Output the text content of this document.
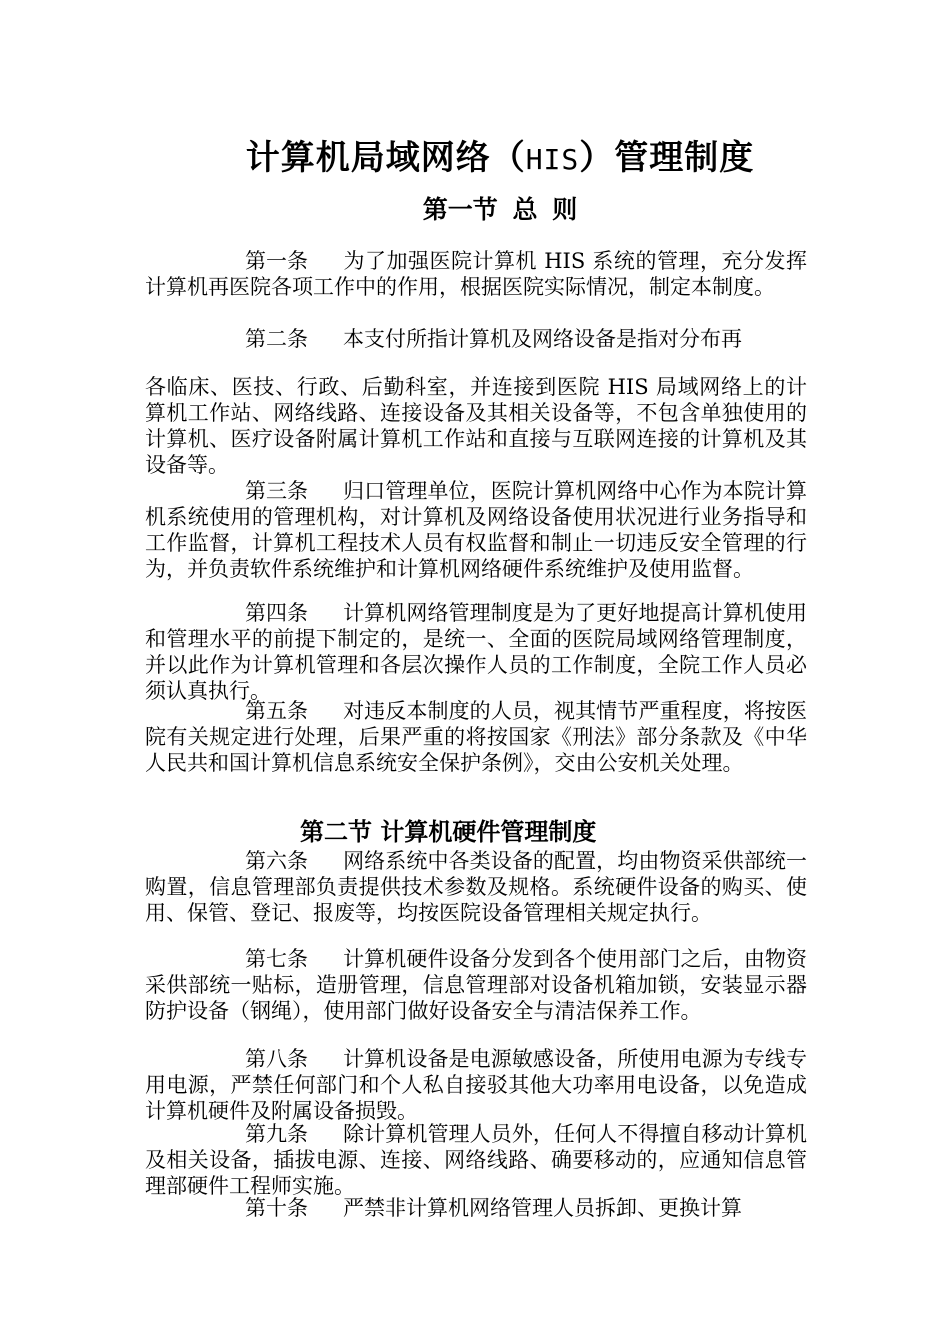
计算机局域网络（HIS）管理制度
第一节 总 则

第一条 为了加强医院计算机 HIS 系统的管理，充分发挥计算机再医院各项工作中的作用，根据医院实际情况，制定本制度。

第二条 本支付所指计算机及网络设备是指对分布再

各临床、医技、行政、后勤科室，并连接到医院 HIS 局域网络上的计算机工作站、网络线路、连接设备及其相关设备等，不包含单独使用的计算机、医疗设备附属计算机工作站和直接与互联网连接的计算机及其设备等。

第三条 归口管理单位，医院计算机网络中心作为本院计算机系统使用的管理机构，对计算机及网络设备使用状况进行业务指导和工作监督，计算机工程技术人员有权监督和制止一切违反安全管理的行为，并负责软件系统维护和计算机网络硬件系统维护及使用监督。

第四条 计算机网络管理制度是为了更好地提高计算机使用和管理水平的前提下制定的，是统一、全面的医院局域网络管理制度，并以此作为计算机管理和各层次操作人员的工作制度，全院工作人员必须认真执行。

第五条 对违反本制度的人员，视其情节严重程度，将按医院有关规定进行处理，后果严重的将按国家《刑法》部分条款及《中华人民共和国计算机信息系统安全保护条例》，交由公安机关处理。

第二节 计算机硬件管理制度

第六条 网络系统中各类设备的配置，均由物资采供部统一购置，信息管理部负责提供技术参数及规格。系统硬件设备的购买、使用、保管、登记、报废等，均按医院设备管理相关规定执行。

第七条 计算机硬件设备分发到各个使用部门之后，由物资采供部统一贴标，造册管理，信息管理部对设备机箱加锁，安装显示器防护设备（钢绳），使用部门做好设备安全与清洁保养工作。

第八条 计算机设备是电源敏感设备，所使用电源为专线专用电源，严禁任何部门和个人私自接驳其他大功率用电设备，以免造成计算机硬件及附属设备损毁。

第九条 除计算机管理人员外，任何人不得擅自移动计算机及相关设备，插拔电源、连接、网络线路、确要移动的，应通知信息管理部硬件工程师实施。

第十条 严禁非计算机网络管理人员拆卸、更换计算
